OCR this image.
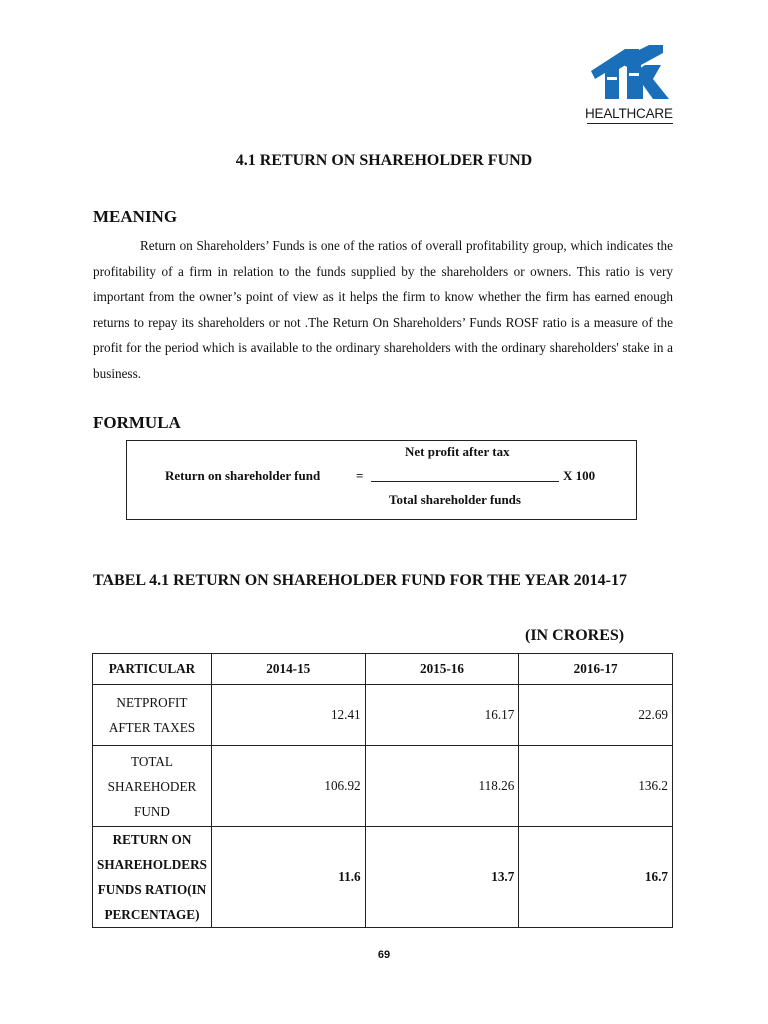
HEALTHCARE
4.1 RETURN ON SHAREHOLDER FUND
MEANING
Return on Shareholders’ Funds is one of the ratios of overall profitability group, which indicates the profitability of a firm in relation to the funds supplied by the shareholders or owners. This ratio is very important from the owner’s point of view as it helps the firm to know whether the firm has earned enough returns to repay its shareholders or not .The Return On Shareholders’ Funds ROSF ratio is a measure of the profit for the period which is available to the ordinary shareholders with the ordinary shareholders' stake in a business.
FORMULA
Net profit after tax
Return on shareholder fund	=	X 100
Total shareholder funds
TABEL 4.1 RETURN ON SHAREHOLDER FUND FOR THE YEAR 2014-17
(IN CRORES)
PARTICULAR	2014-15	2015-16	2016-17
NETPROFIT AFTER TAXES	12.41	16.17	22.69
TOTAL SHAREHODER FUND	106.92	118.26	136.2
RETURN ON SHAREHOLDERS FUNDS RATIO(IN PERCENTAGE)	11.6	13.7	16.7
69
